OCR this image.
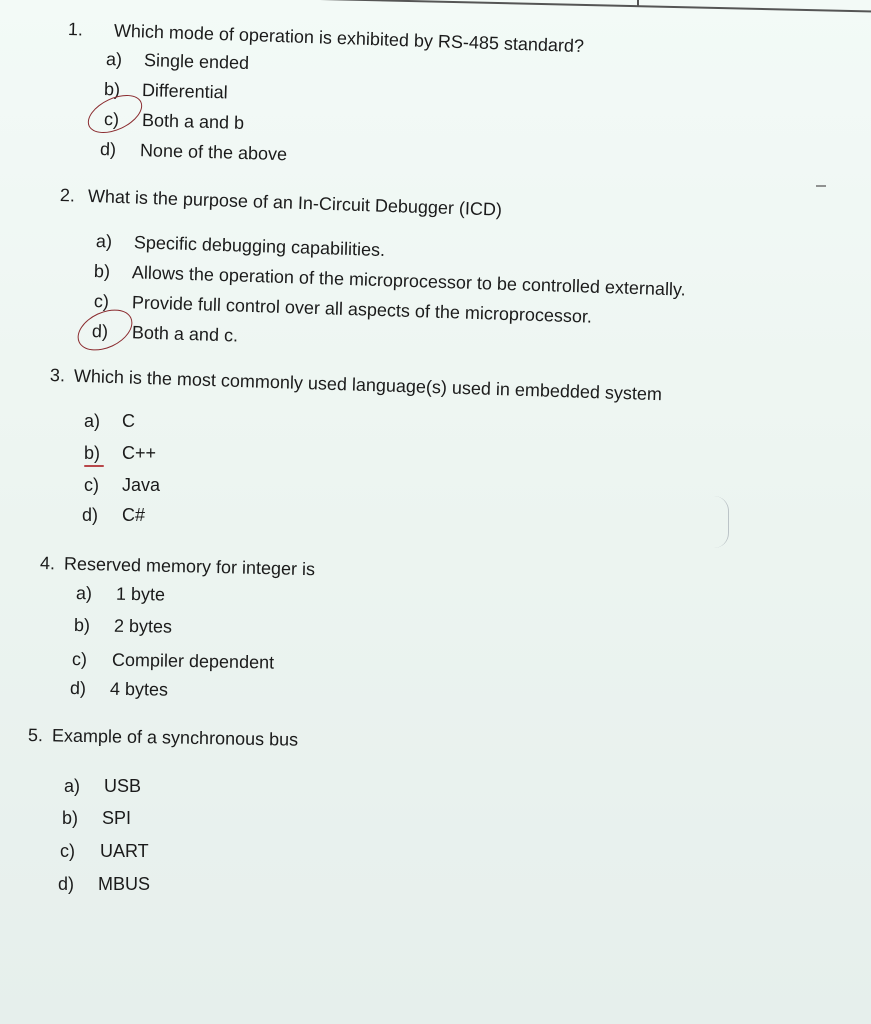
1. Which mode of operation is exhibited by RS-485 standard?
a) Single ended
b) Differential
c) Both a and b
d) None of the above
2. What is the purpose of an In-Circuit Debugger (ICD)
a) Specific debugging capabilities.
b) Allows the operation of the microprocessor to be controlled externally.
c) Provide full control over all aspects of the microprocessor.
d) Both a and c.
3. Which is the most commonly used language(s) used in embedded system
a) C
b) C++
c) Java
d) C#
4. Reserved memory for integer is
a) 1 byte
b) 2 bytes
c) Compiler dependent
d) 4 bytes
5. Example of a synchronous bus
a) USB
b) SPI
c) UART
d) MBUS
